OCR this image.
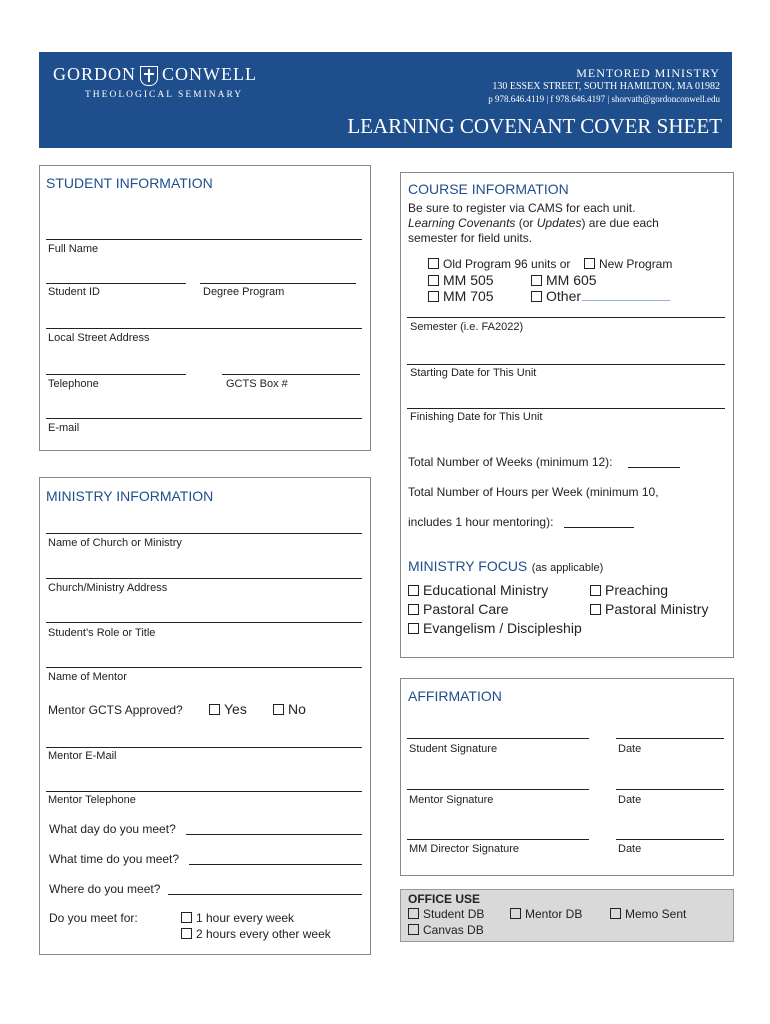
GORDON CONWELL
THEOLOGICAL SEMINARY
MENTORED MINISTRY
130 ESSEX STREET, SOUTH HAMILTON, MA 01982
p 978.646.4119 | f 978.646.4197 | shorvath@gordonconwell.edu
LEARNING COVENANT COVER SHEET
STUDENT INFORMATION
Full Name
Student ID	Degree Program
Local Street Address
Telephone	GCTS Box #
E-mail
MINISTRY INFORMATION
Name of Church or Ministry
Church/Ministry Address
Student’s Role or Title
Name of Mentor
Mentor GCTS Approved?	Yes	No
Mentor E-Mail
Mentor Telephone
What day do you meet?
What time do you meet?
Where do you meet?
Do you meet for:	1 hour every week
2 hours every other week
COURSE INFORMATION
Be sure to register via CAMS for each unit.
Learning Covenants (or Updates) are due each
semester for field units.
Old Program 96 units or	New Program
MM 505	MM 605
MM 705	Other
Semester (i.e. FA2022)
Starting Date for This Unit
Finishing Date for This Unit
Total Number of Weeks (minimum 12):
Total Number of Hours per Week (minimum 10,
includes 1 hour mentoring):
MINISTRY FOCUS (as applicable)
Educational Ministry	Preaching
Pastoral Care	Pastoral Ministry
Evangelism / Discipleship
AFFIRMATION
Student Signature	Date
Mentor Signature	Date
MM Director Signature	Date
OFFICE USE
Student DB	Mentor DB	Memo Sent
Canvas DB
